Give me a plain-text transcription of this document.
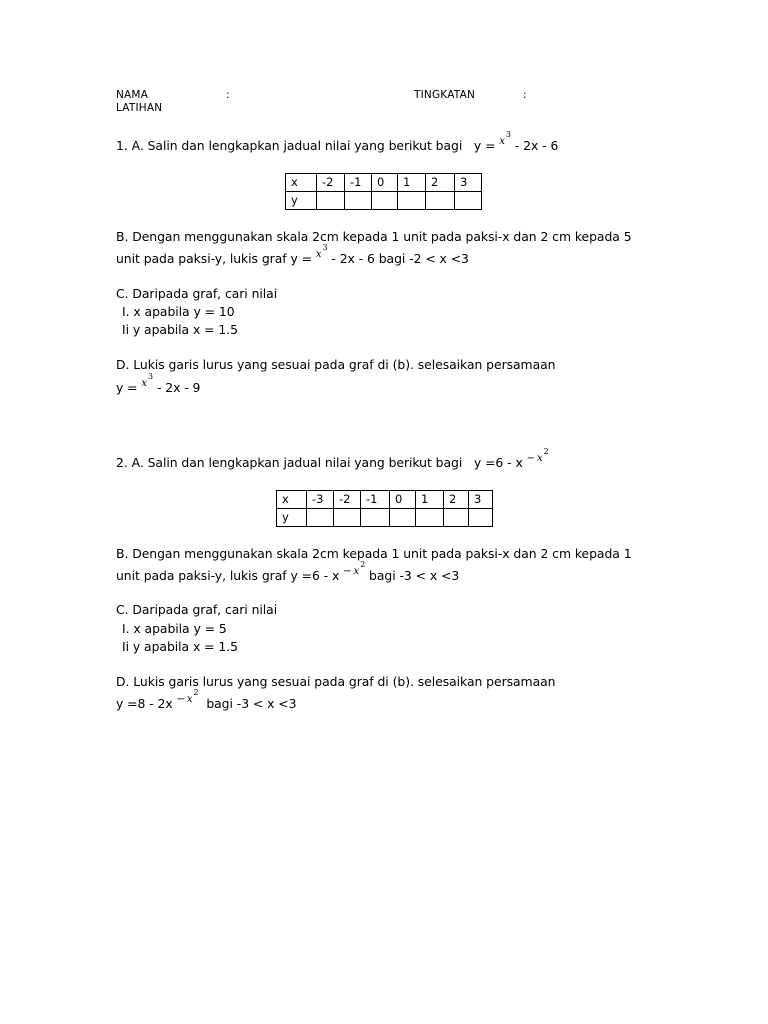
NAMA	:	TINGKATAN	:
LATIHAN
1. A. Salin dan lengkapkan jadual nilai yang berikut bagi $y = x^3 - 2x - 6$
x	-2	-1	0	1	2	3
y						
B. Dengan menggunakan skala 2cm kepada 1 unit pada paksi-x dan 2 cm kepada 5
unit pada paksi-y, lukis graf $y = x^3 - 2x - 6$ bagi -2 < x <3
C. Daripada graf, cari nilai
I. x apabila y = 10
Ii y apabila x = 1.5
D. Lukis garis lurus yang sesuai pada graf di (b). selesaikan persamaan
$y = x^3 - 2x - 9$
2. A. Salin dan lengkapkan jadual nilai yang berikut bagi $y =6 - x - x^2$
x	-3	-2	-1	0	1	2	3
y							
B. Dengan menggunakan skala 2cm kepada 1 unit pada paksi-x dan 2 cm kepada 1
unit pada paksi-y, lukis graf $y =6 - x - x^2$ bagi -3 < x <3
C. Daripada graf, cari nilai
I. x apabila y = 5
Ii y apabila x = 1.5
D. Lukis garis lurus yang sesuai pada graf di (b). selesaikan persamaan
$y =8 - 2x - x^2$  bagi -3 < x <3
